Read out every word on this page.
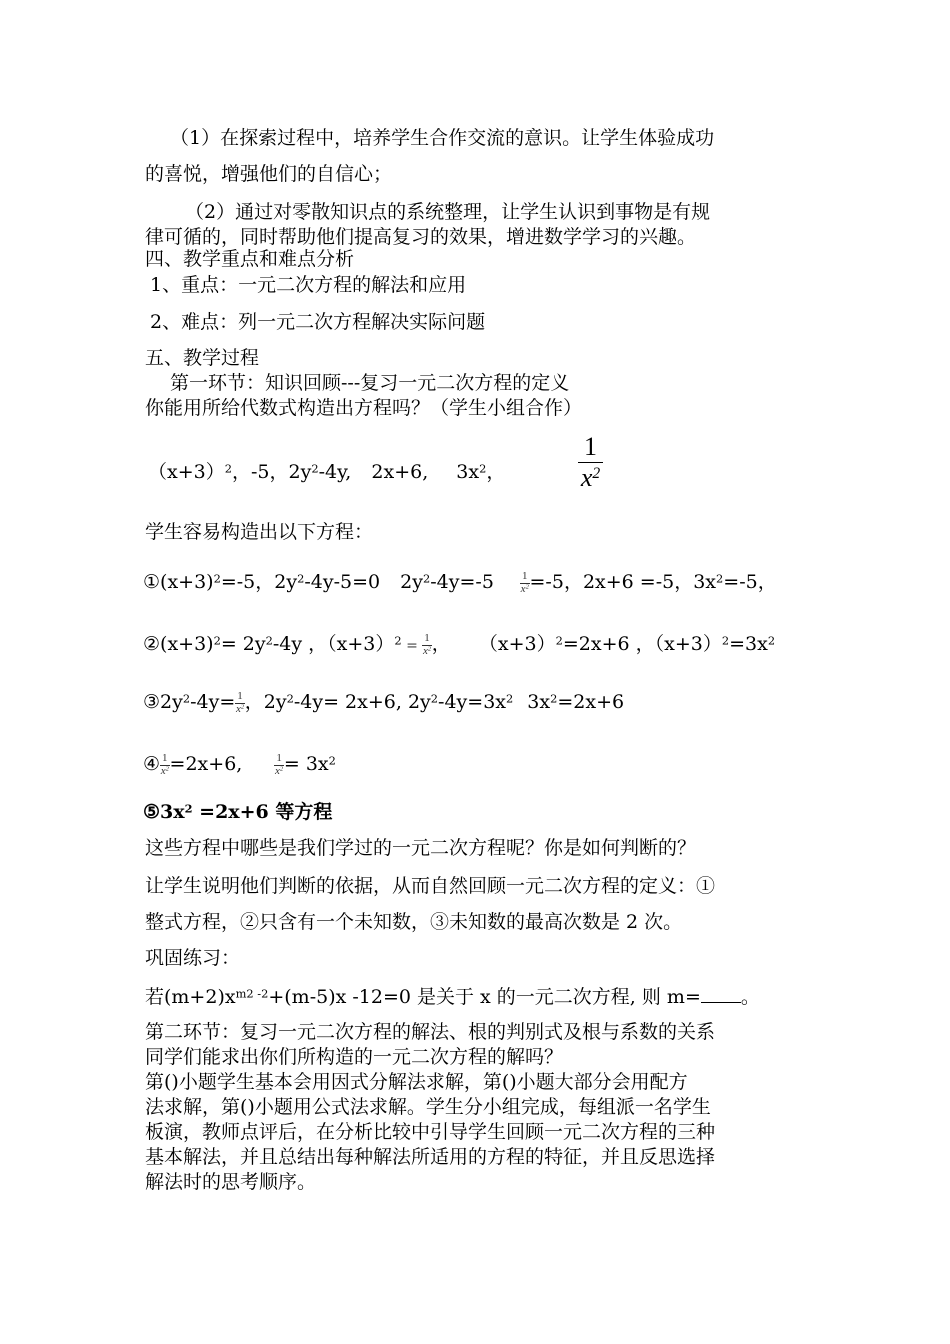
（1）在探索过程中，培养学生合作交流的意识。让学生体验成功
的喜悦，增强他们的自信心；
（2）通过对零散知识点的系统整理，让学生认识到事物是有规
律可循的，同时帮助他们提高复习的效果，增进数学学习的兴趣。
四、教学重点和难点分析
1、重点：一元二次方程的解法和应用
2、难点：列一元二次方程解决实际问题
五、教学过程
第一环节：知识回顾---复习一元二次方程的定义
你能用所给代数式构造出方程吗？（学生小组合作）
$(x+3)^2$，-5，$2y^2-4y$, 2x+6, $3x^2$，	$\frac{1}{x^2}$
学生容易构造出以下方程：
$①(x+3)^2=-5$，$2y^2-4y-5=0$ $2y^2-4y=-5 \frac{1}{x^2} =-5$，2x+6 =-5，$3x^2=-5$，
$②(x+3)^2= 2y^2-4y$ ，$(x+3)^2 = \frac{1}{x^2}$ ， $(x+3)^2=2x+6$ ，$(x+3)^2=3x^2$
$③2y^2-4y= \frac{1}{x^2}$ ，$2y^2-4y= 2x+6$, $2y^2-4y=3x^2$ $3x^2=2x+6$
④ $\frac{1}{x^2} =2x+6$,	$\frac{1}{x^2} = 3x^2$
$⑤3x^2 =2x+6$ 等方程
这些方程中哪些是我们学过的一元二次方程呢？你是如何判断的？
让学生说明他们判断的依据，从而自然回顾一元二次方程的定义：①
整式方程，②只含有一个未知数，③未知数的最高次数是 2 次。
巩固练习：
若$(m+2)x^{m2 -2}+(m-5)x$ -12=0 是关于 x 的一元二次方程, 则 m= 。
第二环节：复习一元二次方程的解法、根的判别式及根与系数的关系
同学们能求出你们所构造的一元二次方程的解吗？
第()小题学生基本会用因式分解法求解，第()小题大部分会用配方
法求解，第()小题用公式法求解。学生分小组完成，每组派一名学生
板演，教师点评后，在分析比较中引导学生回顾一元二次方程的三种
基本解法，并且总结出每种解法所适用的方程的特征，并且反思选择
解法时的思考顺序。
